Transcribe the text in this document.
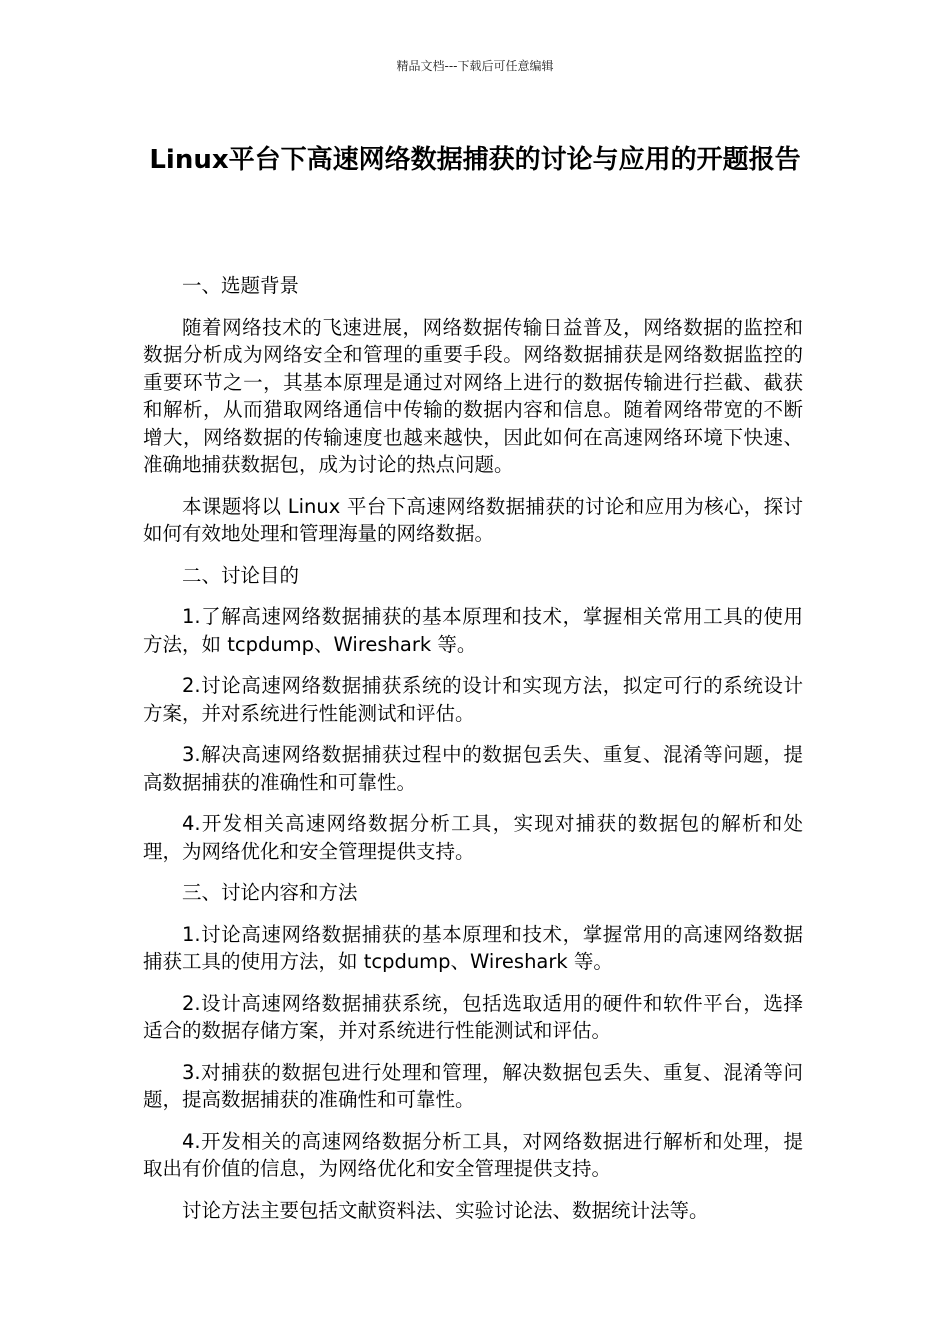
精品文档---下载后可任意编辑
Linux平台下高速网络数据捕获的讨论与应用的开题报告

一、选题背景

随着网络技术的飞速进展，网络数据传输日益普及，网络数据的监控和数据分析成为网络安全和管理的重要手段。网络数据捕获是网络数据监控的重要环节之一，其基本原理是通过对网络上进行的数据传输进行拦截、截获和解析，从而猎取网络通信中传输的数据内容和信息。随着网络带宽的不断增大，网络数据的传输速度也越来越快，因此如何在高速网络环境下快速、准确地捕获数据包，成为讨论的热点问题。

本课题将以 Linux 平台下高速网络数据捕获的讨论和应用为核心，探讨如何有效地处理和管理海量的网络数据。

二、讨论目的

1.了解高速网络数据捕获的基本原理和技术，掌握相关常用工具的使用方法，如 tcpdump、Wireshark 等。

2.讨论高速网络数据捕获系统的设计和实现方法，拟定可行的系统设计方案，并对系统进行性能测试和评估。

3.解决高速网络数据捕获过程中的数据包丢失、重复、混淆等问题，提高数据捕获的准确性和可靠性。

4.开发相关高速网络数据分析工具，实现对捕获的数据包的解析和处理，为网络优化和安全管理提供支持。

三、讨论内容和方法

1.讨论高速网络数据捕获的基本原理和技术，掌握常用的高速网络数据捕获工具的使用方法，如 tcpdump、Wireshark 等。

2.设计高速网络数据捕获系统，包括选取适用的硬件和软件平台，选择适合的数据存储方案，并对系统进行性能测试和评估。

3.对捕获的数据包进行处理和管理，解决数据包丢失、重复、混淆等问题，提高数据捕获的准确性和可靠性。

4.开发相关的高速网络数据分析工具，对网络数据进行解析和处理，提取出有价值的信息，为网络优化和安全管理提供支持。

讨论方法主要包括文献资料法、实验讨论法、数据统计法等。
